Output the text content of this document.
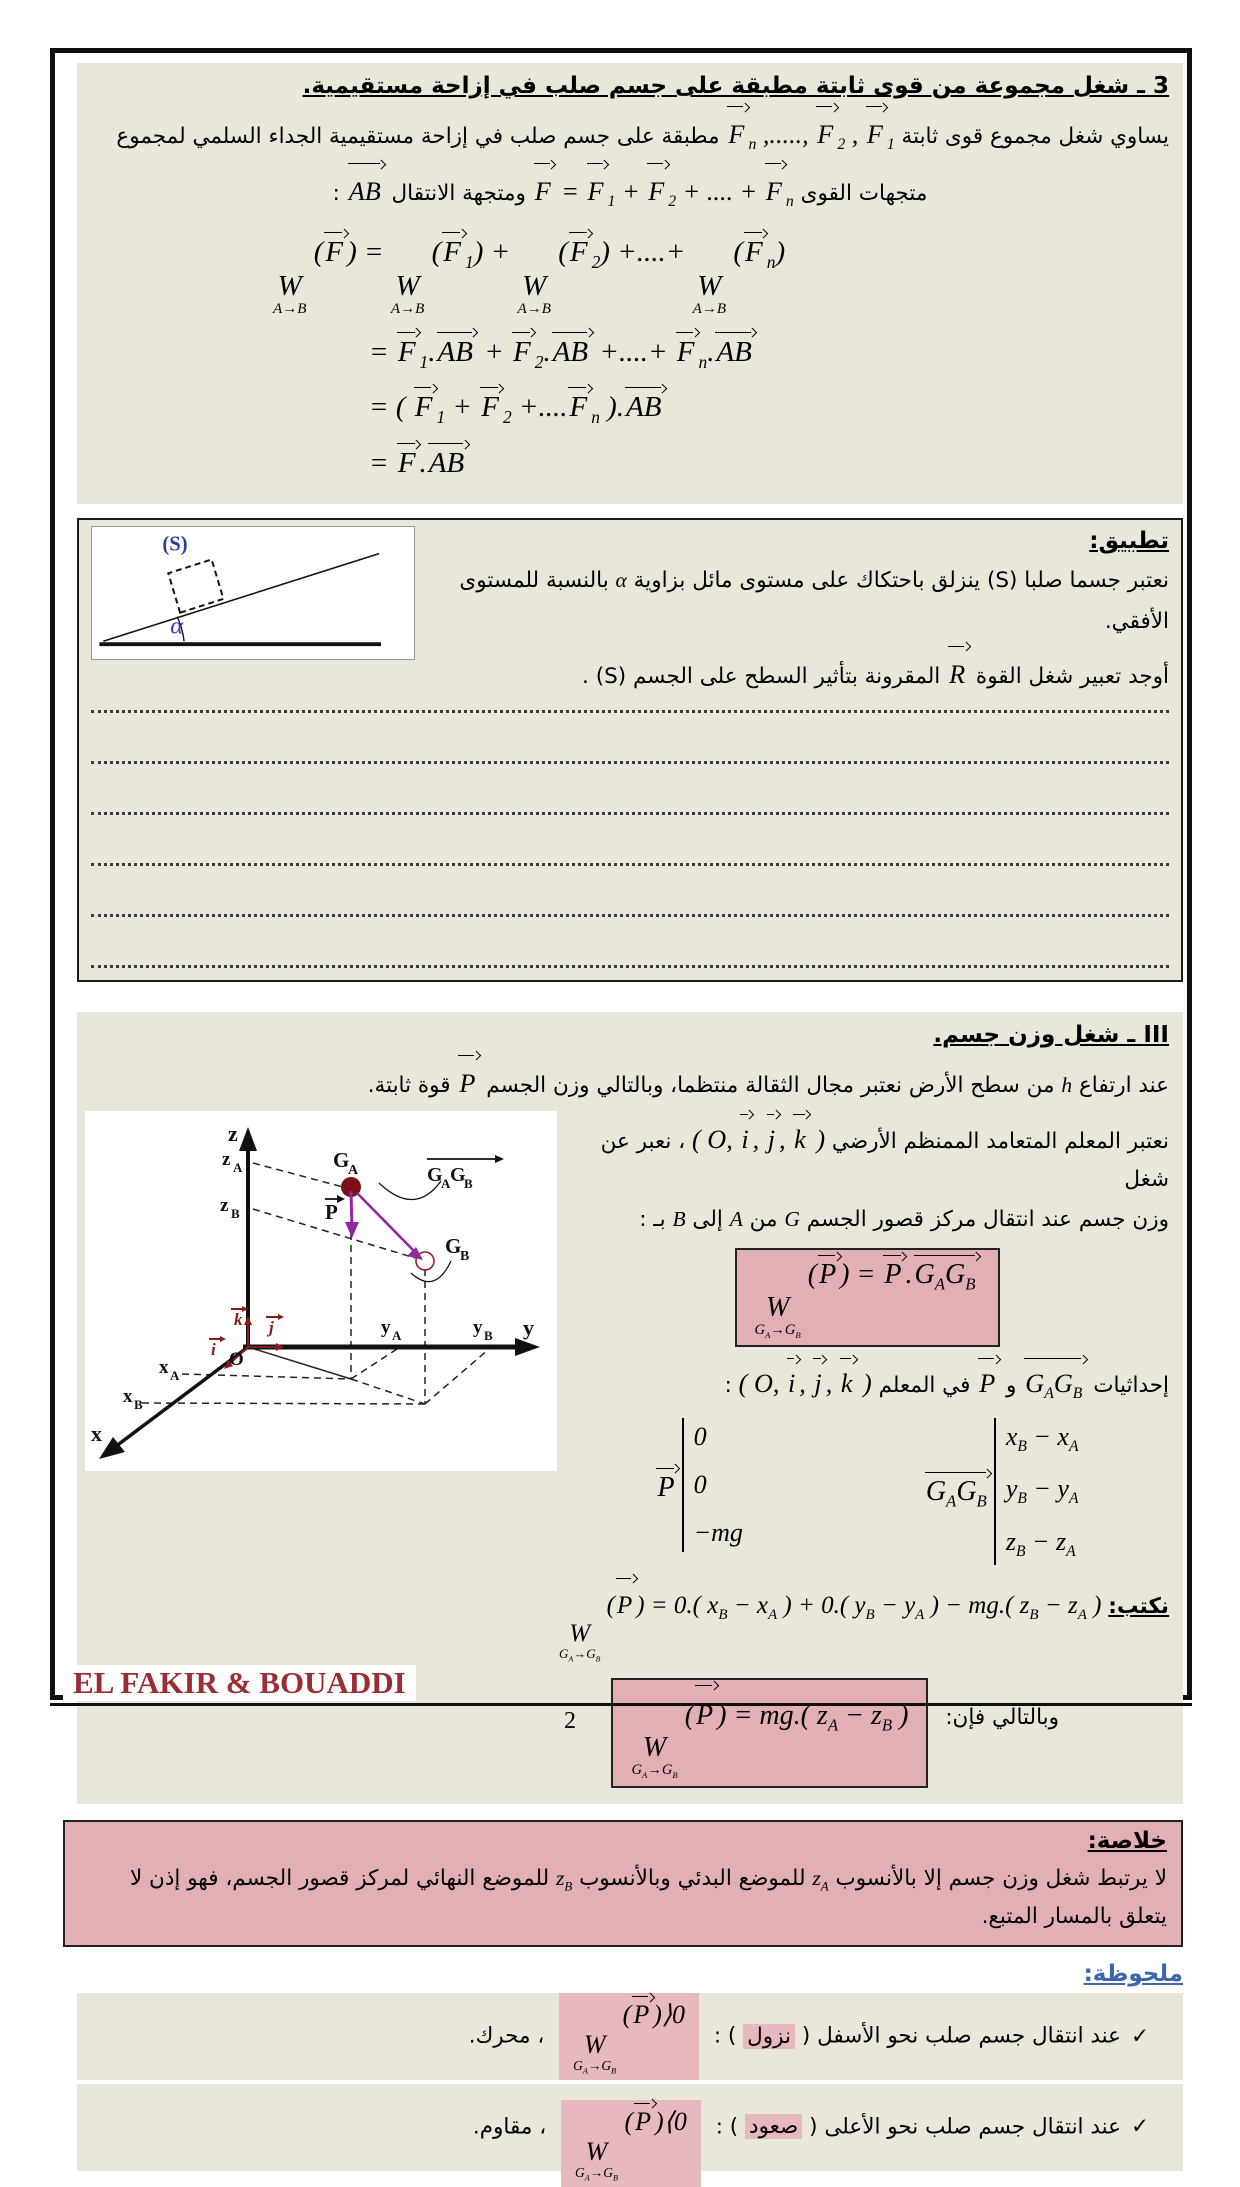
3 ـ شغل مجموعة من قوى ثابتة مطبقة على جسم صلب في إزاحة مستقيمية.

يساوي شغل مجموع قوى ثابتة F $_n$ ,....., F $_2$ , F $_1$ مطبقة على جسم صلب في إزاحة مستقيمية الجداء السلمي لمجموع

متجهات القوى F = F $_1$ + F $_2$ + .... + F $_n$ ومتجهة الانتقال AB :

W
A→B
(F ) =
W
A→B
(F $_1$) +
W
A→B
(F $_2$) +....+
W
A→B
(F $_n$)
= F $_1$.AB + F $_2$.AB +....+ F $_n$.AB
= ( F $_1$ + F $_2$ +....F $_n$ ).AB
= F .AB
(S)
α
تطبيق:

نعتبر جسما صلبا (S) ينزلق باحتكاك على مستوى مائل بزاوية α بالنسبة للمستوى الأفقي.

أوجد تعبير شغل القوة R المقرونة بتأثير السطح على الجسم (S) .

III ـ شغل وزن جسم.

عند ارتفاع h من سطح الأرض نعتبر مجال الثقالة منتظما، وبالتالي وزن الجسم P قوة ثابتة.

z
z A
z B
y
y A	y B
x
x A
x B
O
i
j
k
G
A
G
B
G
A G
B
P

نعتبر المعلم المتعامد الممنظم الأرضي ( O, i , j , k ) ، نعبر عن شغل

وزن جسم عند انتقال مركز قصور الجسم G من A إلى B بـ :

W
$G_A\to G_B$
(P ) = P $.G_AG_B$

إحداثيات $G_AG_B$ و P في المعلم ( O, i , j , k ) :

P
0
0
−mg
$G_AG_B$
$x_B - x_A$
$y_B - y_A$
$z_B - z_A$

نكتب:
W
$G_A\to G_B$
(P ) = 0.( $x_B - x_A$ ) + 0.( $y_B - y_A$ ) − mg.( $z_B - z_A$ )

وبالتالي فإن:
W
$G_A\to G_B$
(P ) = mg.( $z_A - z_B$ )

خلاصة:

لا يرتبط شغل وزن جسم إلا بالأنسوب $z_A$ للموضع البدئي وبالأنسوب $z_B$ للموضع النهائي لمركز قصور الجسم، فهو إذن لا يتعلق بالمسار المتبع.

ملحوظة:
✓عند انتقال جسم صلب نحو الأسفل ( نزول ) :
W
$G_A\to G_B$
(P )⟩0 ، محرك.
✓عند انتقال جسم صلب نحو الأعلى ( صعود ) :
W
$G_A\to G_B$
(P )⟨0 ، مقاوم.
EL FAKIR & BOUADDI
2
